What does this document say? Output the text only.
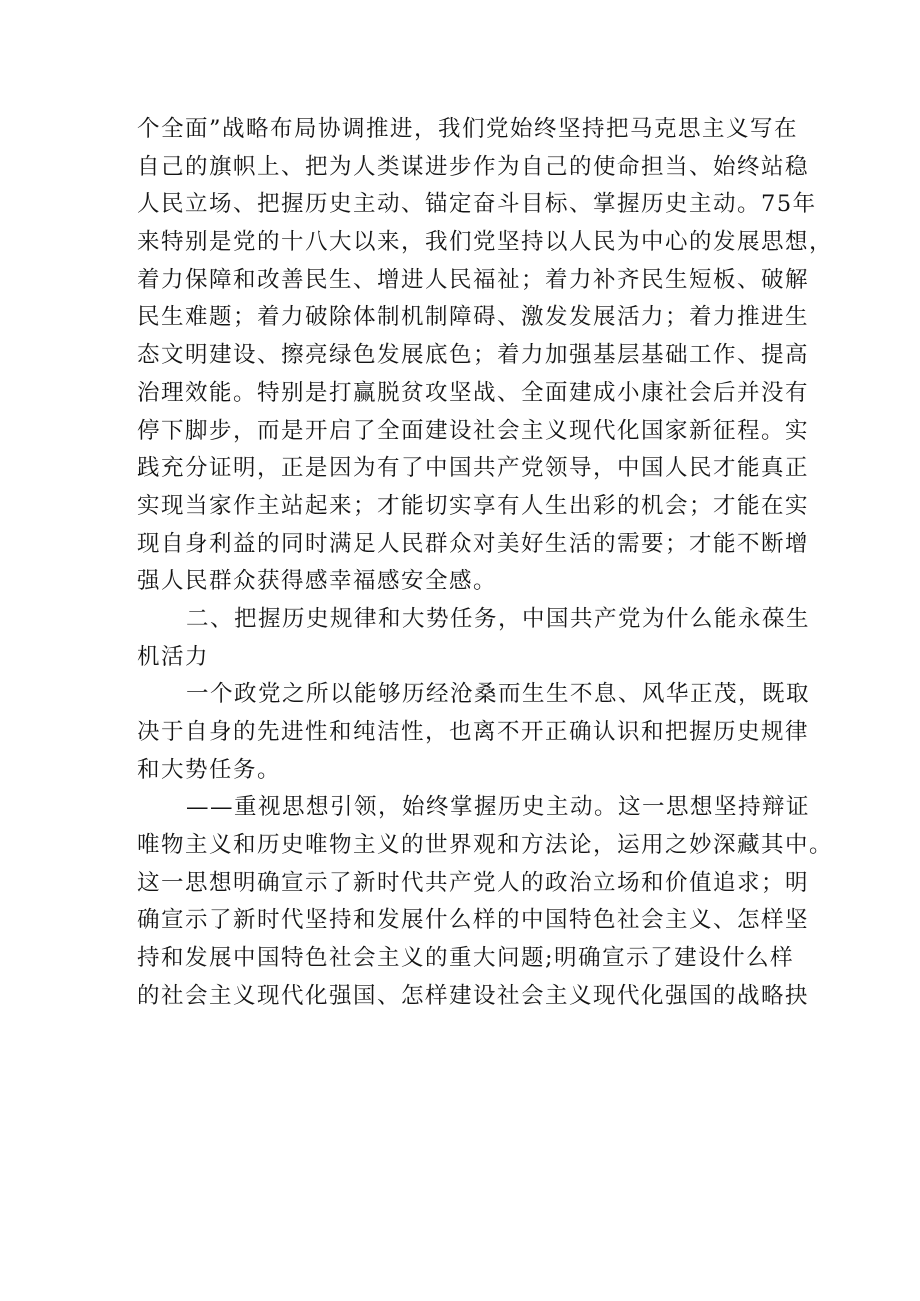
个全面”战略布局协调推进，我们党始终坚持把马克思主义写在
自己的旗帜上、把为人类谋进步作为自己的使命担当、始终站稳
人民立场、把握历史主动、锚定奋斗目标、掌握历史主动。75年
来特别是党的十八大以来，我们党坚持以人民为中心的发展思想，
着力保障和改善民生、增进人民福祉；着力补齐民生短板、破解
民生难题；着力破除体制机制障碍、激发发展活力；着力推进生
态文明建设、擦亮绿色发展底色；着力加强基层基础工作、提高
治理效能。特别是打赢脱贫攻坚战、全面建成小康社会后并没有
停下脚步，而是开启了全面建设社会主义现代化国家新征程。实
践充分证明，正是因为有了中国共产党领导，中国人民才能真正
实现当家作主站起来；才能切实享有人生出彩的机会；才能在实
现自身利益的同时满足人民群众对美好生活的需要；才能不断增
强人民群众获得感幸福感安全感。
二、把握历史规律和大势任务，中国共产党为什么能永葆生
机活力
一个政党之所以能够历经沧桑而生生不息、风华正茂，既取
决于自身的先进性和纯洁性，也离不开正确认识和把握历史规律
和大势任务。
——重视思想引领，始终掌握历史主动。这一思想坚持辩证
唯物主义和历史唯物主义的世界观和方法论，运用之妙深藏其中。
这一思想明确宣示了新时代共产党人的政治立场和价值追求；明
确宣示了新时代坚持和发展什么样的中国特色社会主义、怎样坚
持和发展中国特色社会主义的重大问题;明确宣示了建设什么样
的社会主义现代化强国、怎样建设社会主义现代化强国的战略抉
